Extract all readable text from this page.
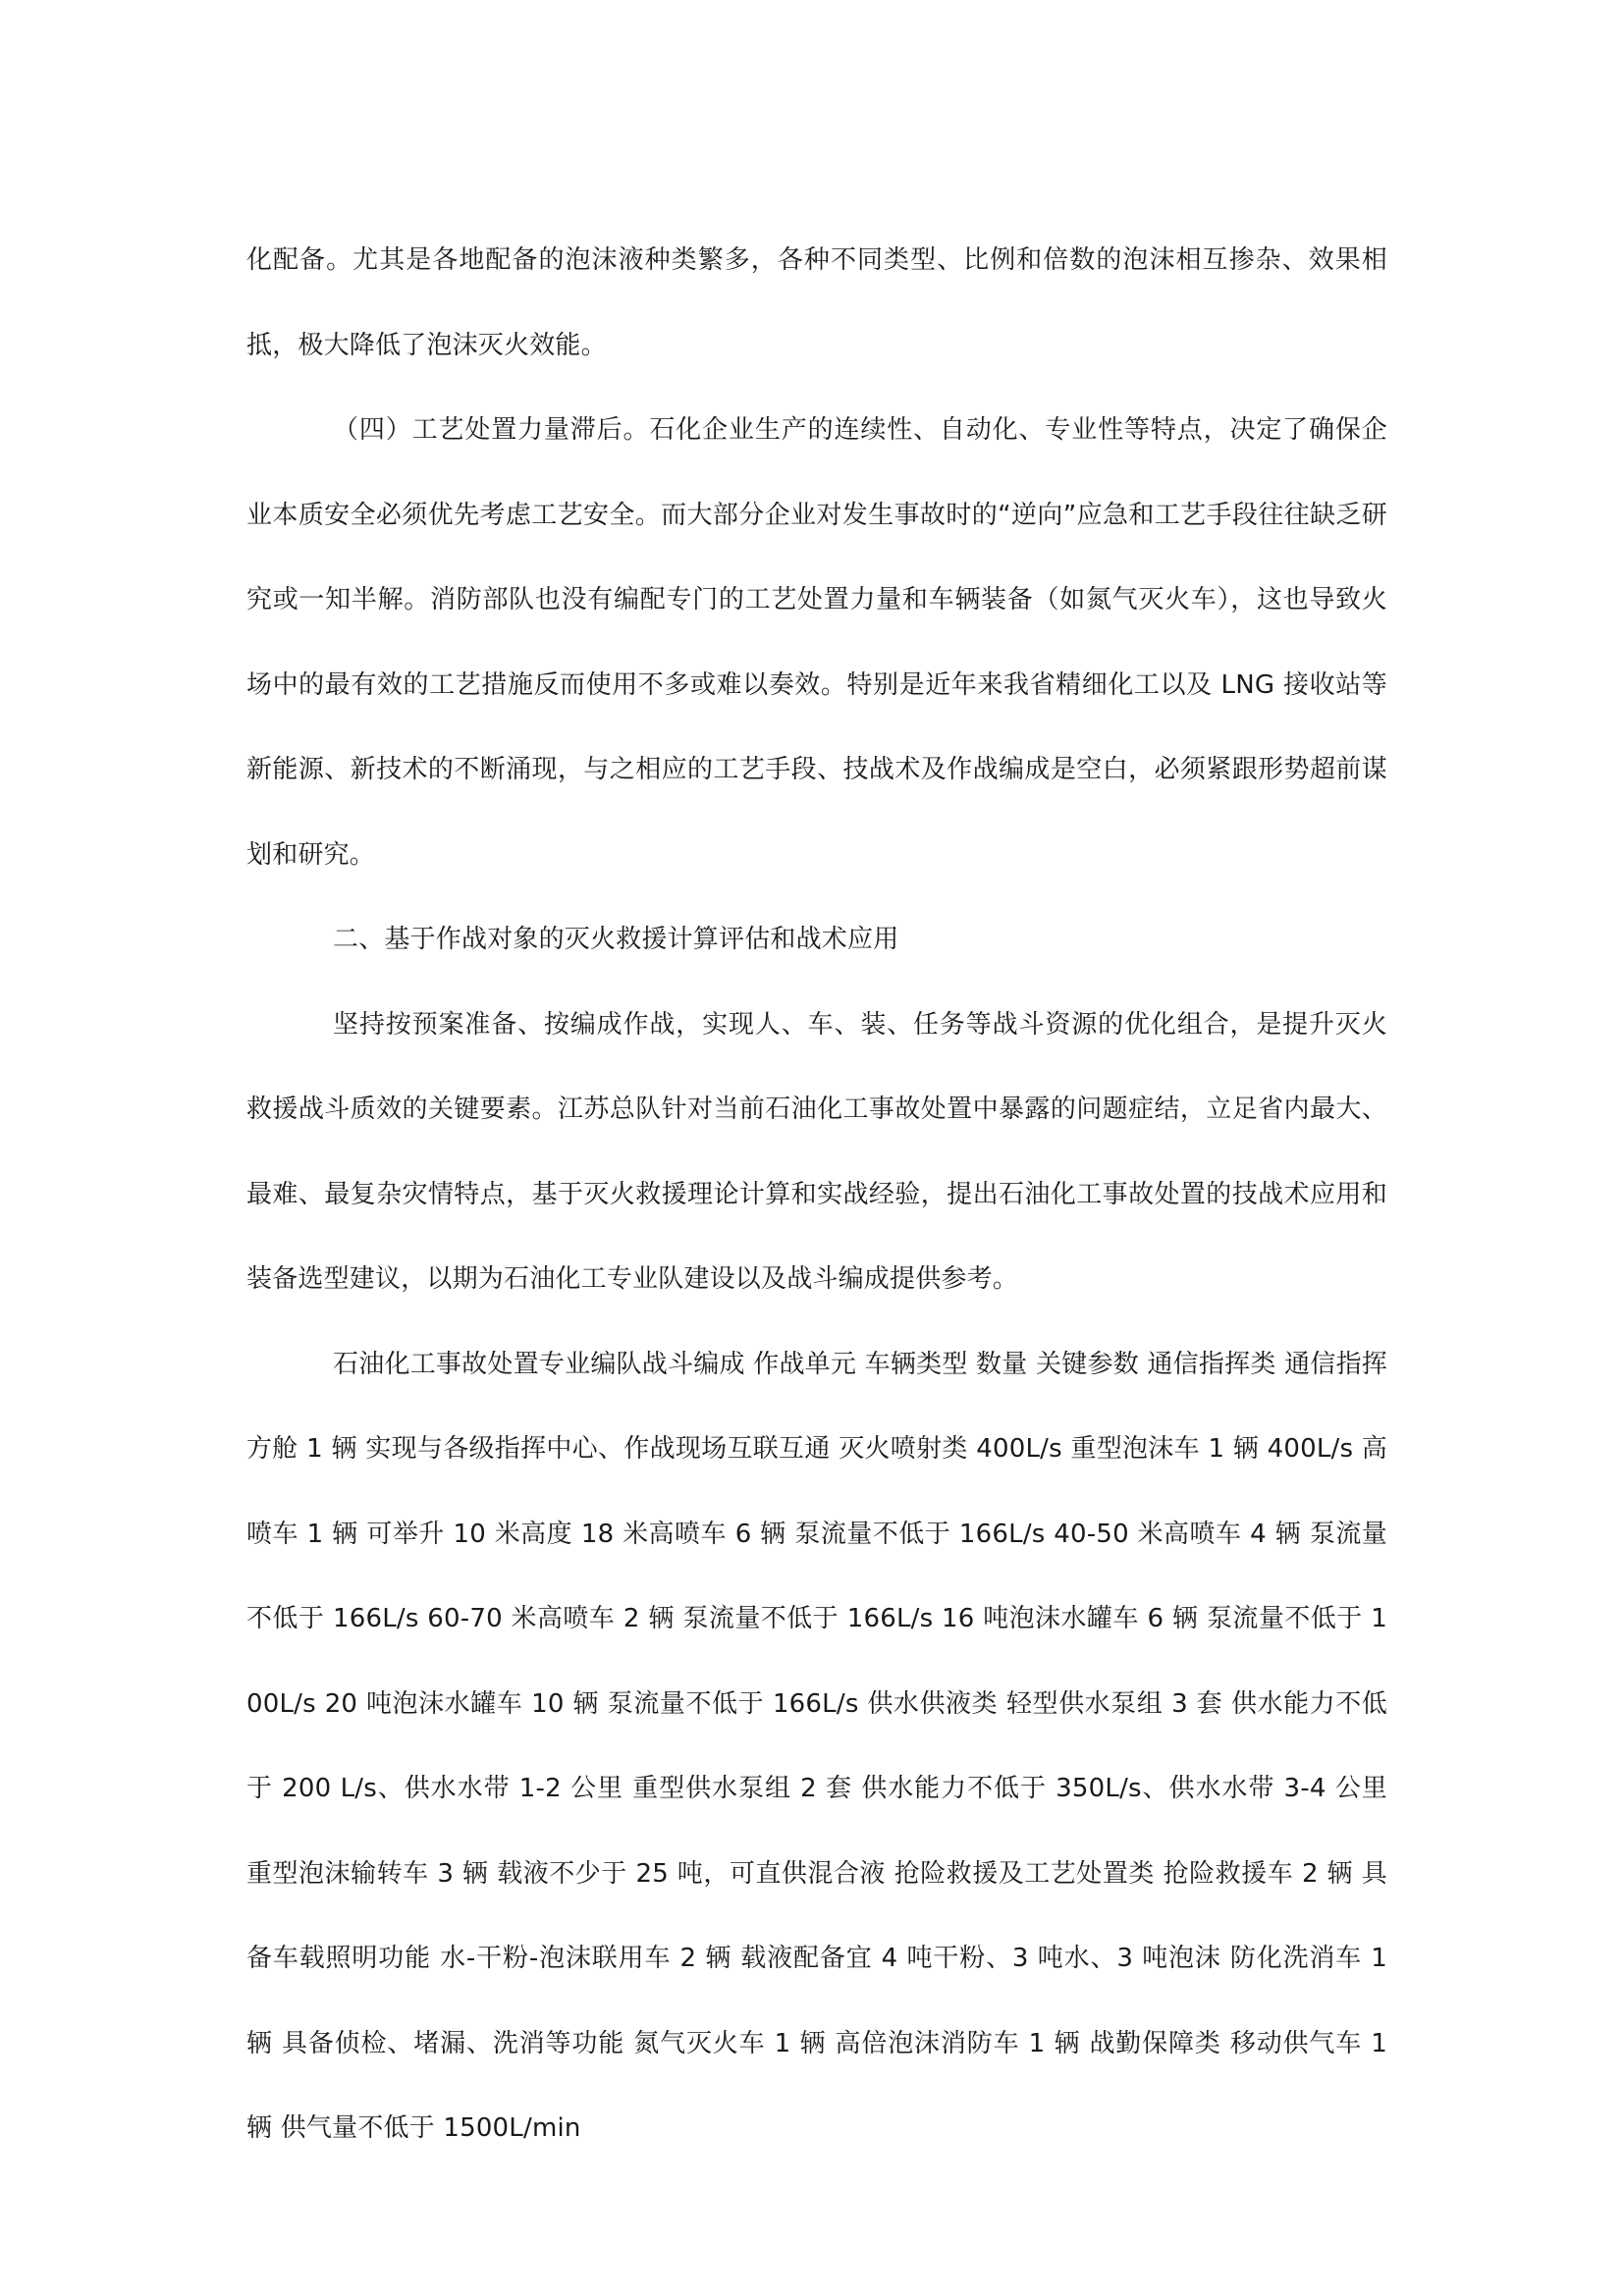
化配备。尤其是各地配备的泡沫液种类繁多，各种不同类型、比例和倍数的泡沫相互掺杂、效果相抵，极大降低了泡沫灭火效能。

（四）工艺处置力量滞后。石化企业生产的连续性、自动化、专业性等特点，决定了确保企业本质安全必须优先考虑工艺安全。而大部分企业对发生事故时的“逆向”应急和工艺手段往往缺乏研究或一知半解。消防部队也没有编配专门的工艺处置力量和车辆装备（如氮气灭火车），这也导致火场中的最有效的工艺措施反而使用不多或难以奏效。特别是近年来我省精细化工以及 LNG 接收站等新能源、新技术的不断涌现，与之相应的工艺手段、技战术及作战编成是空白，必须紧跟形势超前谋划和研究。

二、基于作战对象的灭火救援计算评估和战术应用

坚持按预案准备、按编成作战，实现人、车、装、任务等战斗资源的优化组合，是提升灭火救援战斗质效的关键要素。江苏总队针对当前石油化工事故处置中暴露的问题症结，立足省内最大、最难、最复杂灾情特点，基于灭火救援理论计算和实战经验，提出石油化工事故处置的技战术应用和装备选型建议，以期为石油化工专业队建设以及战斗编成提供参考。

石油化工事故处置专业编队战斗编成 作战单元 车辆类型 数量 关键参数 通信指挥类 通信指挥方舱 1 辆 实现与各级指挥中心、作战现场互联互通 灭火喷射类 400L/s 重型泡沫车 1 辆 400L/s 高喷车 1 辆 可举升 10 米高度 18 米高喷车 6 辆 泵流量不低于 166L/s 40-50 米高喷车 4 辆 泵流量不低于 166L/s 60-70 米高喷车 2 辆 泵流量不低于 166L/s 16 吨泡沫水罐车 6 辆 泵流量不低于 100L/s 20 吨泡沫水罐车 10 辆 泵流量不低于 166L/s 供水供液类 轻型供水泵组 3 套 供水能力不低于 200 L/s、供水水带 1-2 公里 重型供水泵组 2 套 供水能力不低于 350L/s、供水水带 3-4 公里 重型泡沫输转车 3 辆 载液不少于 25 吨，可直供混合液 抢险救援及工艺处置类 抢险救援车 2 辆 具备车载照明功能 水-干粉-泡沫联用车 2 辆 载液配备宜 4 吨干粉、3 吨水、3 吨泡沫 防化洗消车 1 辆 具备侦检、堵漏、洗消等功能 氮气灭火车 1 辆 高倍泡沫消防车 1 辆 战勤保障类 移动供气车 1 辆 供气量不低于 1500L/min
